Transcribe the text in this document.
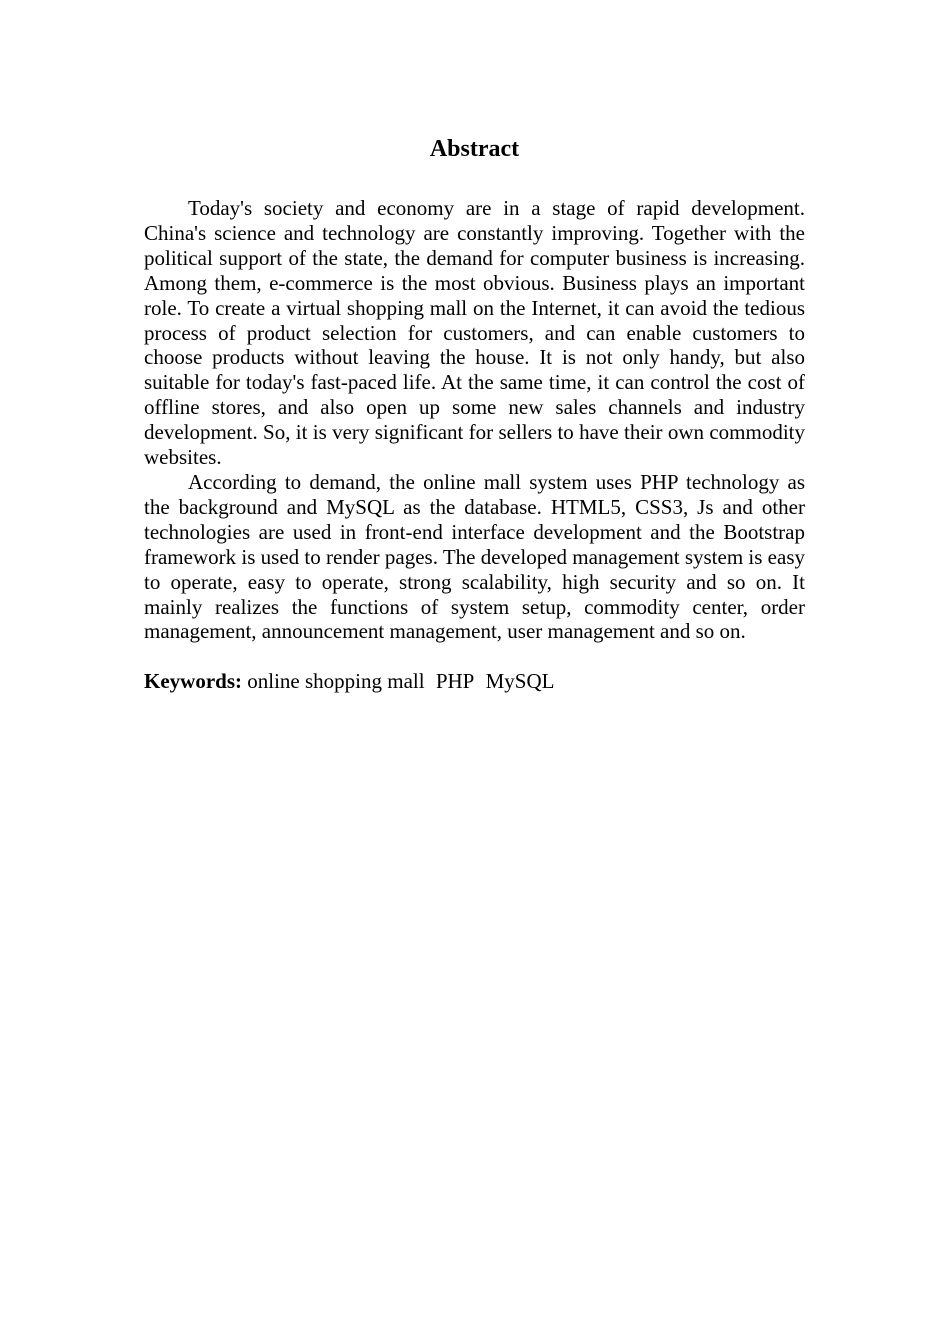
Abstract

Today's society and economy are in a stage of rapid development. China's science and technology are constantly improving. Together with the political support of the state, the demand for computer business is increasing. Among them, e-commerce is the most obvious. Business plays an important role. To create a virtual shopping mall on the Internet, it can avoid the tedious process of product selection for customers, and can enable customers to choose products without leaving the house. It is not only handy, but also suitable for today's fast-paced life. At the same time, it can control the cost of offline stores, and also open up some new sales channels and industry development. So, it is very significant for sellers to have their own commodity websites.

According to demand, the online mall system uses PHP technology as the background and MySQL as the database. HTML5, CSS3, Js and other technologies are used in front-end interface development and the Bootstrap framework is used to render pages. The developed management system is easy to operate, easy to operate, strong scalability, high security and so on. It mainly realizes the functions of system setup, commodity center, order management, announcement management, user management and so on.

Keywords: online shopping mall PHP MySQL
